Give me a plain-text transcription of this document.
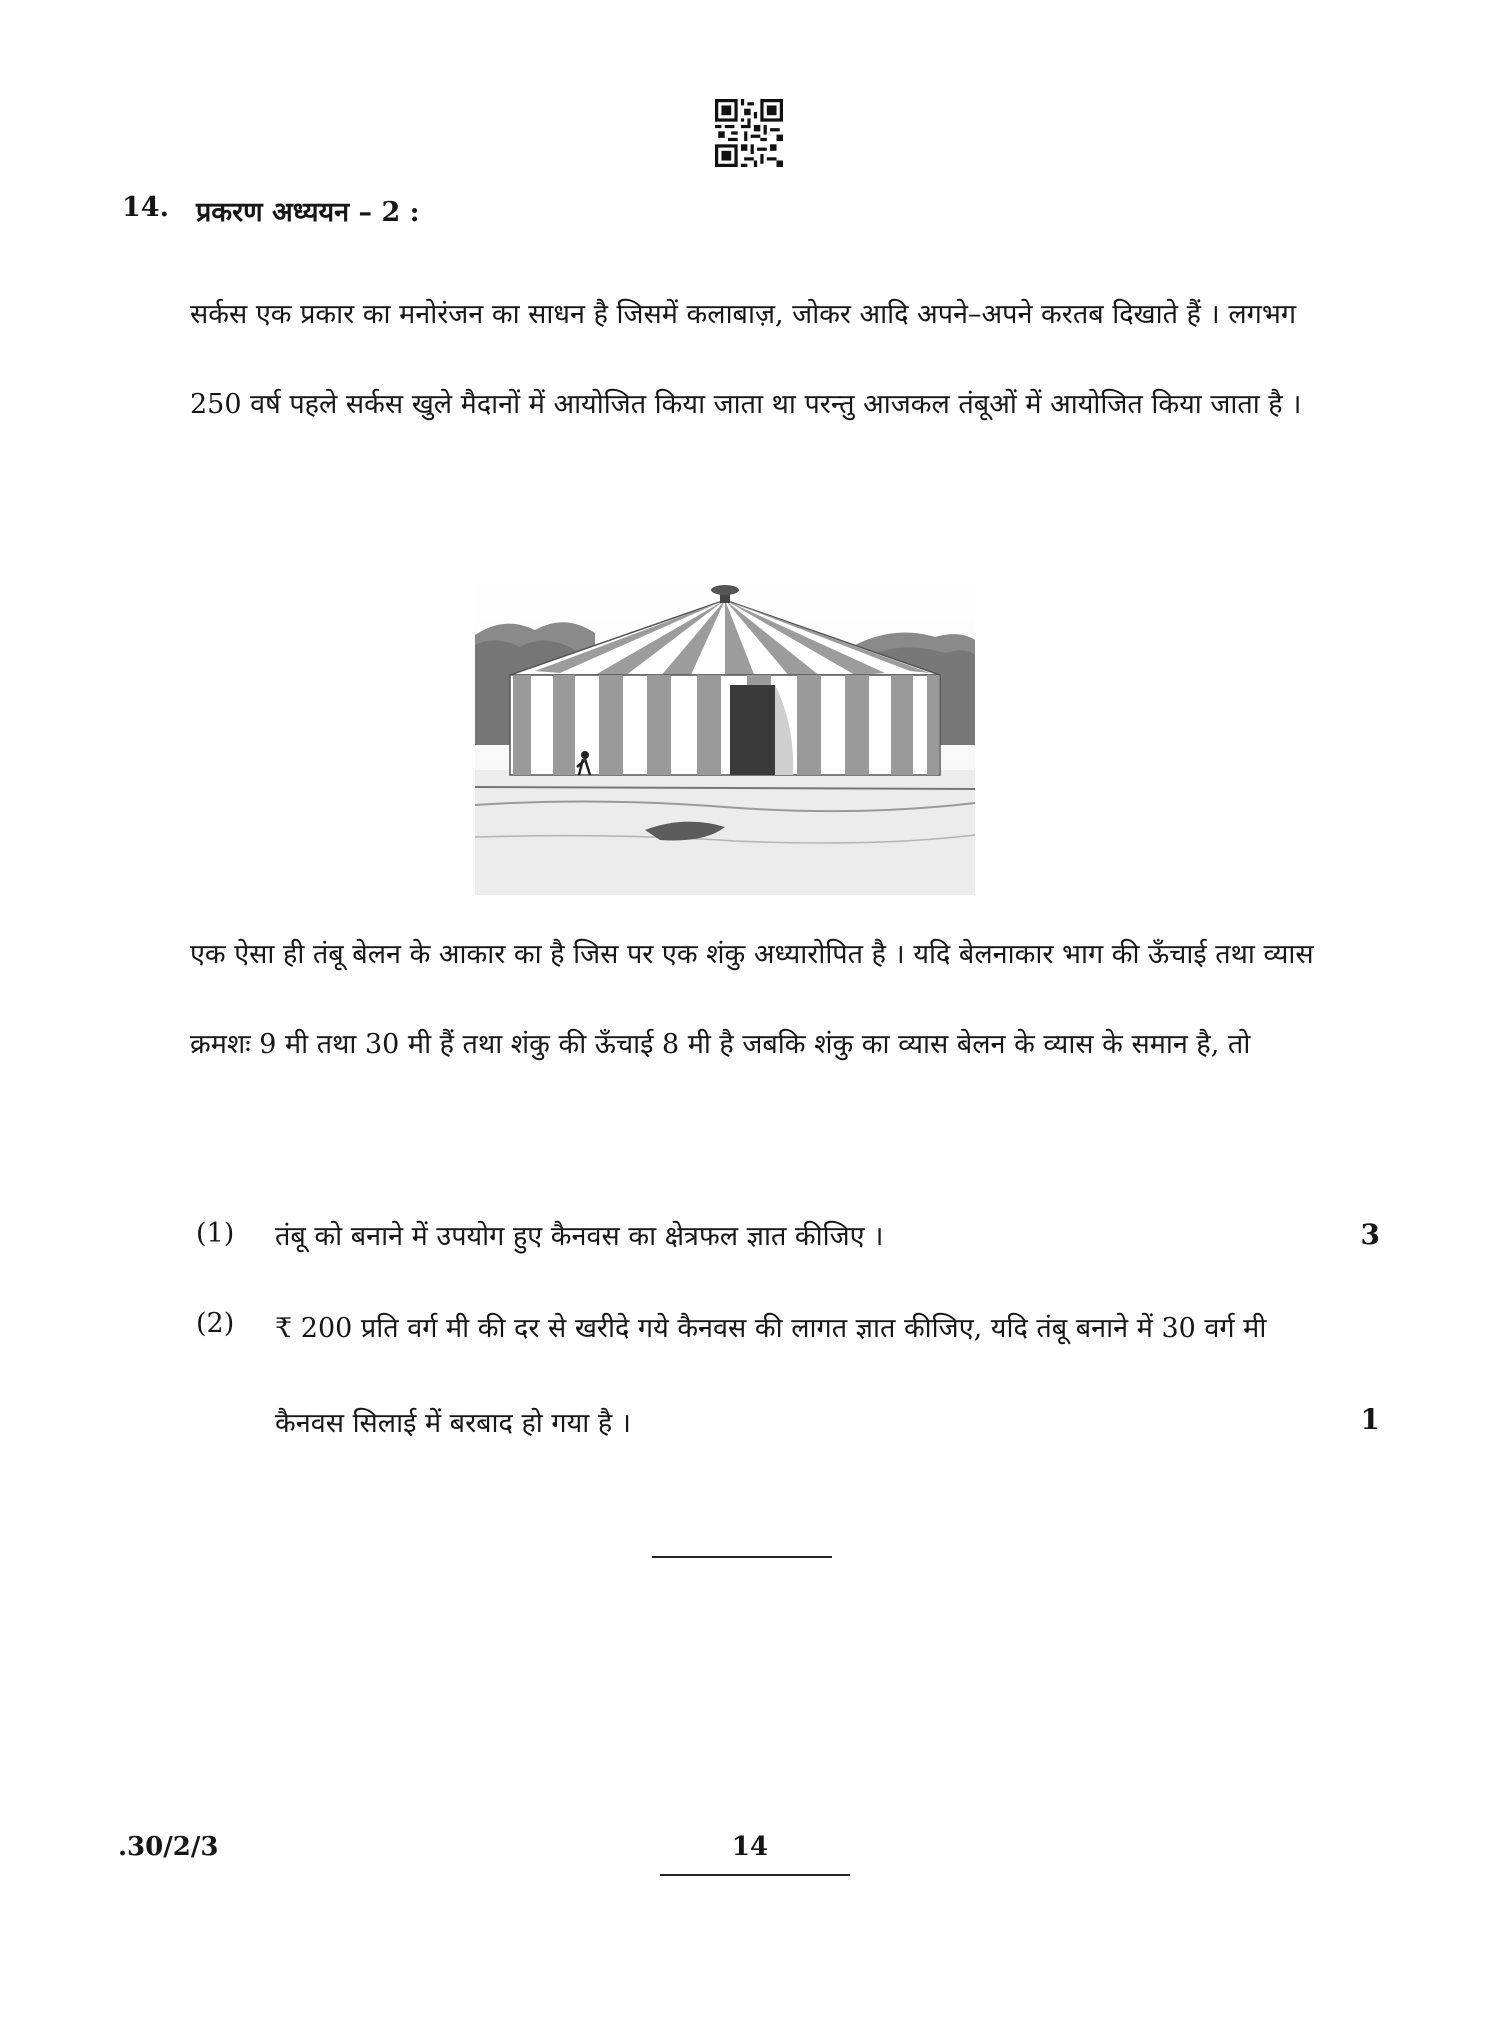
14. प्रकरण अध्ययन – 2 :
सर्कस एक प्रकार का मनोरंजन का साधन है जिसमें कलाबाज़, जोकर आदि अपने–अपने करतब दिखाते हैं । लगभग 250 वर्ष पहले सर्कस खुले मैदानों में आयोजित किया जाता था परन्तु आजकल तंबूओं में आयोजित किया जाता है ।
एक ऐसा ही तंबू बेलन के आकार का है जिस पर एक शंकु अध्यारोपित है । यदि बेलनाकार भाग की ऊँचाई तथा व्यास क्रमशः 9 मी तथा 30 मी हैं तथा शंकु की ऊँचाई 8 मी है जबकि शंकु का व्यास बेलन के व्यास के समान है, तो
(1) तंबू को बनाने में उपयोग हुए कैनवस का क्षेत्रफल ज्ञात कीजिए ।	3
(2) ₹ 200 प्रति वर्ग मी की दर से खरीदे गये कैनवस की लागत ज्ञात कीजिए, यदि तंबू बनाने में 30 वर्ग मी कैनवस सिलाई में बरबाद हो गया है ।	1
.30/2/3	14
